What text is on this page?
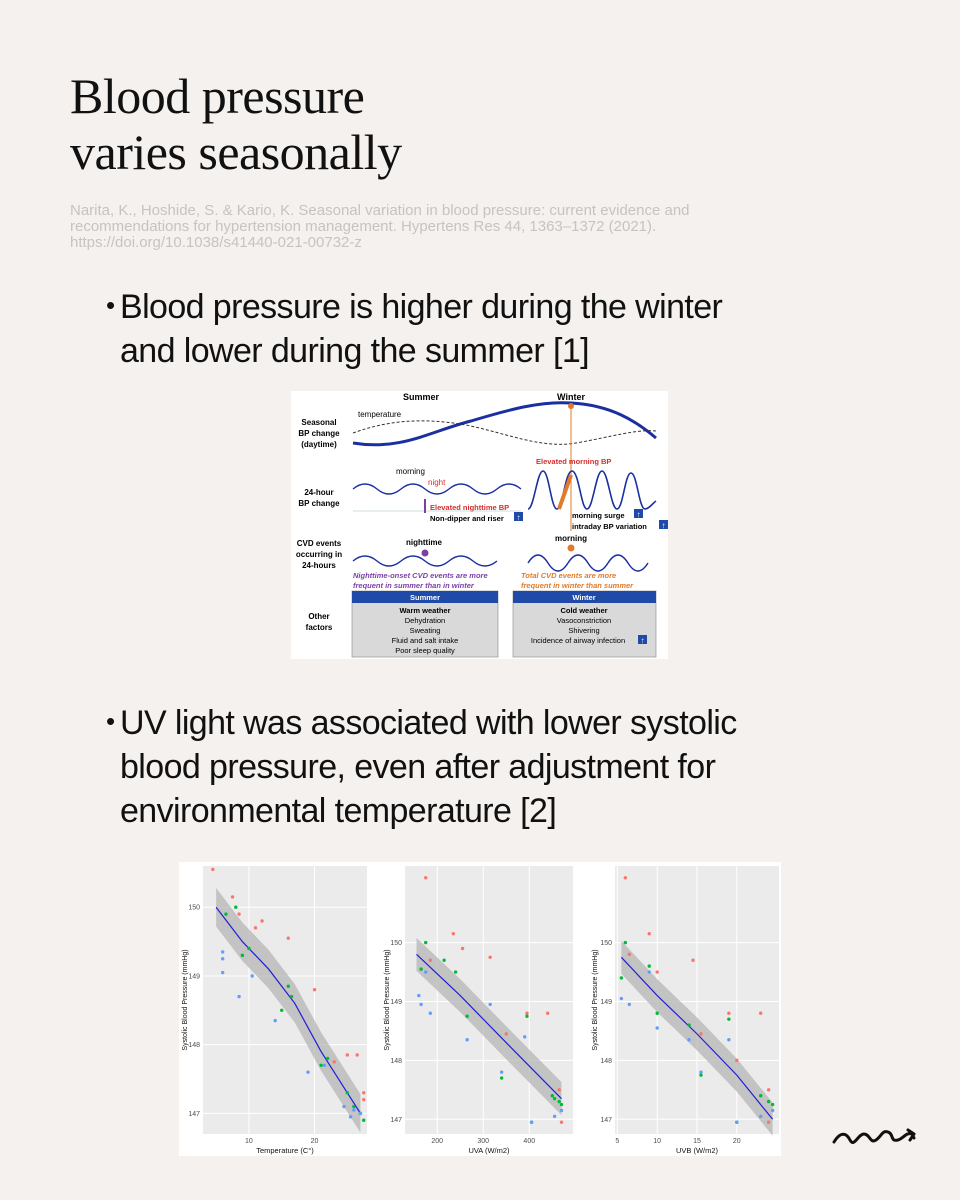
Blood pressure
varies seasonally
Narita, K., Hoshide, S. & Kario, K. Seasonal variation in blood pressure: current evidence and
recommendations for hypertension management. Hypertens Res 44, 1363–1372 (2021).
https://doi.org/10.1038/s41440-021-00732-z
• Blood pressure is higher during the winter
and lower during the summer [1]
Summer	Winter
Seasonal
BP change
(daytime)
24-hour
BP change
CVD events
occurring in
24-hours
Other
factors
temperature
morning
night
Elevated nighttime BP
Non-dipper and riser ↑
Elevated morning BP
morning surge ↑
intraday BP variation ↑
nighttime	morning
Nighttime-onset CVD events are more
frequent in summer than in winter
Total CVD events are more
frequent in winter than summer
Summer
Warm weather
Dehydration
Sweating
Fluid and salt intake
Poor sleep quality
Winter
Cold weather
Vasoconstriction
Shivering
Incidence of airway infection ↑
• UV light was associated with lower systolic
blood pressure, even after adjustment for
environmental temperature [2]
147
148
149
150
10	20
Temperature (C°)
Systolic Blood Pressure (mmHg)
147
148
149
150
200	300	400
UVA (W/m2)
Systolic Blood Pressure (mmHg)
147
148
149
150
5	10	15	20
UVB (W/m2)
Systolic Blood Pressure (mmHg)
